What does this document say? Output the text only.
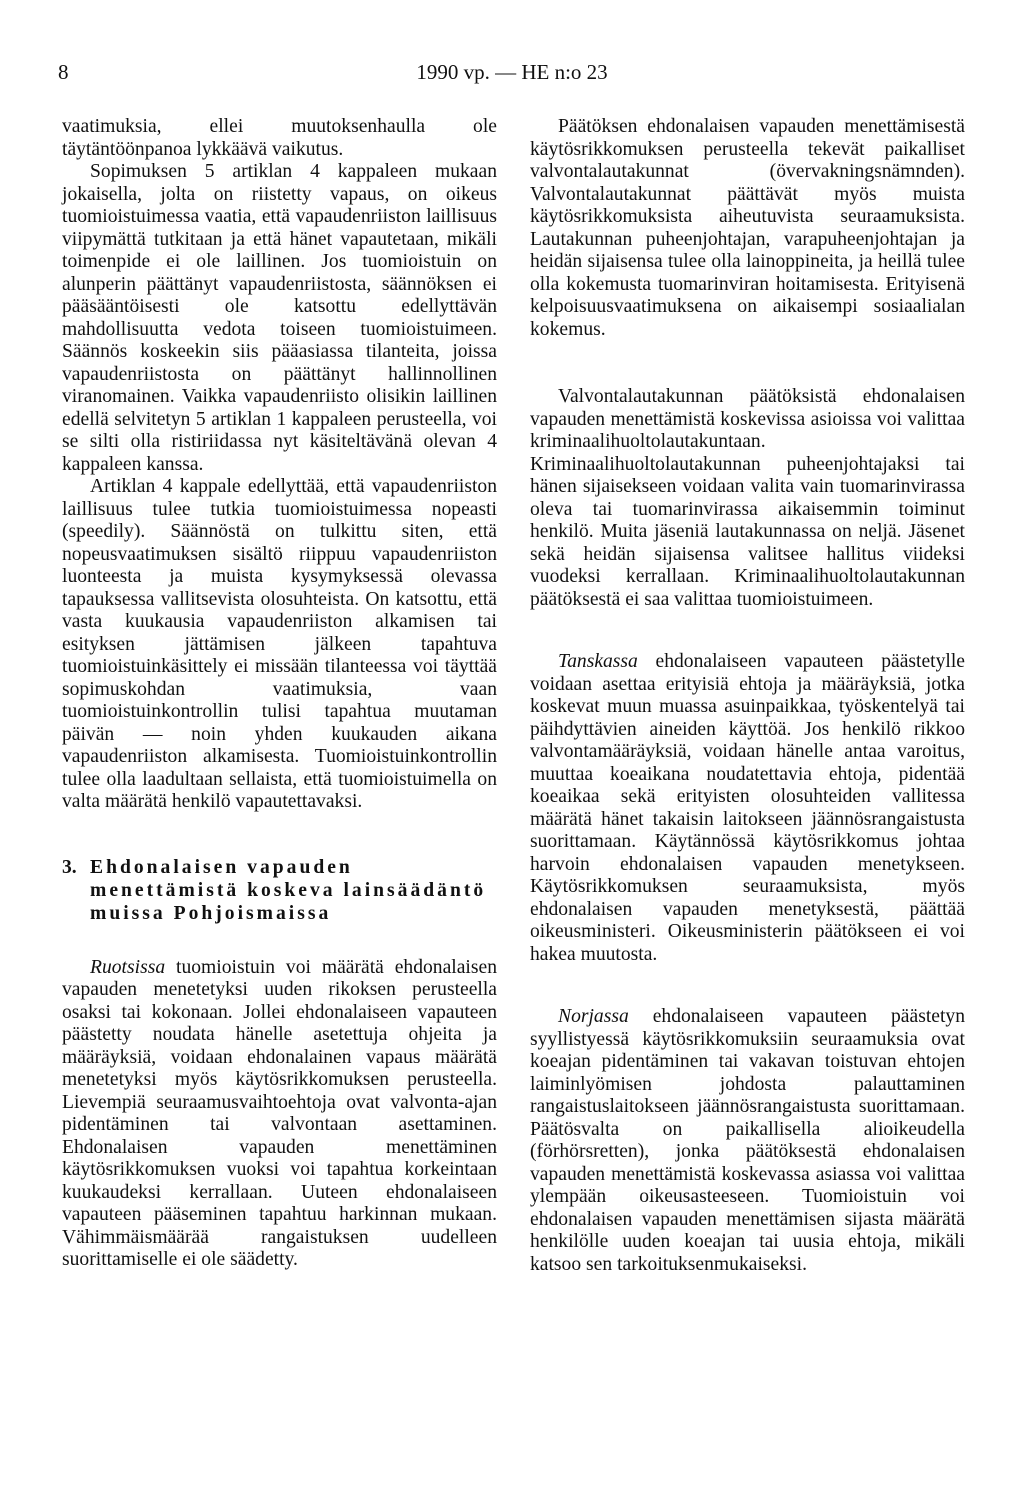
8	1990 vp. — HE n:o 23

vaatimuksia, ellei muutoksenhaulla ole täytäntöönpanoa lykkäävä vaikutus.

Sopimuksen 5 artiklan 4 kappaleen mukaan jokaisella, jolta on riistetty vapaus, on oikeus tuomioistuimessa vaatia, että vapaudenriiston laillisuus viipymättä tutkitaan ja että hänet vapautetaan, mikäli toimenpide ei ole laillinen. Jos tuomioistuin on alunperin päättänyt vapaudenriistosta, säännöksen ei pääsääntöisesti ole katsottu edellyttävän mahdollisuutta vedota toiseen tuomioistuimeen. Säännös koskeekin siis pääasiassa tilanteita, joissa vapaudenriistosta on päättänyt hallinnollinen viranomainen. Vaikka vapaudenriisto olisikin laillinen edellä selvitetyn 5 artiklan 1 kappaleen perusteella, voi se silti olla ristiriidassa nyt käsiteltävänä olevan 4 kappaleen kanssa.

Artiklan 4 kappale edellyttää, että vapaudenriiston laillisuus tulee tutkia tuomioistuimessa nopeasti (speedily). Säännöstä on tulkittu siten, että nopeusvaatimuksen sisältö riippuu vapaudenriiston luonteesta ja muista kysymyksessä olevassa tapauksessa vallitsevista olosuhteista. On katsottu, että vasta kuukausia vapaudenriiston alkamisen tai esityksen jättämisen jälkeen tapahtuva tuomioistuinkäsittely ei missään tilanteessa voi täyttää sopimuskohdan vaatimuksia, vaan tuomioistuinkontrollin tulisi tapahtua muutaman päivän — noin yhden kuukauden aikana vapaudenriiston alkamisesta. Tuomioistuinkontrollin tulee olla laadultaan sellaista, että tuomioistuimella on valta määrätä henkilö vapautettavaksi.

3. Ehdonalaisen vapauden menettämistä koskeva lainsäädäntö muissa Pohjoismaissa

Ruotsissa tuomioistuin voi määrätä ehdonalaisen vapauden menetetyksi uuden rikoksen perusteella osaksi tai kokonaan. Jollei ehdonalaiseen vapauteen päästetty noudata hänelle asetettuja ohjeita ja määräyksiä, voidaan ehdonalainen vapaus määrätä menetetyksi myös käytösrikkomuksen perusteella. Lievempiä seuraamusvaihtoehtoja ovat valvonta-ajan pidentäminen tai valvontaan asettaminen. Ehdonalaisen vapauden menettäminen käytösrikkomuksen vuoksi voi tapahtua korkeintaan kuukaudeksi kerrallaan. Uuteen ehdonalaiseen vapauteen pääseminen tapahtuu harkinnan mukaan. Vähimmäismäärää rangaistuksen uudelleen suorittamiselle ei ole säädetty.

Päätöksen ehdonalaisen vapauden menettämisestä käytösrikkomuksen perusteella tekevät paikalliset valvontalautakunnat (övervakningsnämnden). Valvontalautakunnat päättävät myös muista käytösrikkomuksista aiheutuvista seuraamuksista. Lautakunnan puheenjohtajan, varapuheenjohtajan ja heidän sijaisensa tulee olla lainoppineita, ja heillä tulee olla kokemusta tuomarinviran hoitamisesta. Erityisenä kelpoisuusvaatimuksena on aikaisempi sosiaalialan kokemus.

Valvontalautakunnan päätöksistä ehdonalaisen vapauden menettämistä koskevissa asioissa voi valittaa kriminaalihuoltolautakuntaan. Kriminaalihuoltolautakunnan puheenjohtajaksi tai hänen sijaisekseen voidaan valita vain tuomarinvirassa oleva tai tuomarinvirassa aikaisemmin toiminut henkilö. Muita jäseniä lautakunnassa on neljä. Jäsenet sekä heidän sijaisensa valitsee hallitus viideksi vuodeksi kerrallaan. Kriminaalihuoltolautakunnan päätöksestä ei saa valittaa tuomioistuimeen.

Tanskassa ehdonalaiseen vapauteen päästetylle voidaan asettaa erityisiä ehtoja ja määräyksiä, jotka koskevat muun muassa asuinpaikkaa, työskentelyä tai päihdyttävien aineiden käyttöä. Jos henkilö rikkoo valvontamääräyksiä, voidaan hänelle antaa varoitus, muuttaa koeaikana noudatettavia ehtoja, pidentää koeaikaa sekä erityisten olosuhteiden vallitessa määrätä hänet takaisin laitokseen jäännösrangaistusta suorittamaan. Käytännössä käytösrikkomus johtaa harvoin ehdonalaisen vapauden menetykseen. Käytösrikkomuksen seuraamuksista, myös ehdonalaisen vapauden menetyksestä, päättää oikeusministeri. Oikeusministerin päätökseen ei voi hakea muutosta.

Norjassa ehdonalaiseen vapauteen päästetyn syyllistyessä käytösrikkomuksiin seuraamuksia ovat koeajan pidentäminen tai vakavan toistuvan ehtojen laiminlyömisen johdosta palauttaminen rangaistuslaitokseen jäännösrangaistusta suorittamaan. Päätösvalta on paikallisella alioikeudella (förhörsretten), jonka päätöksestä ehdonalaisen vapauden menettämistä koskevassa asiassa voi valittaa ylempään oikeusasteeseen. Tuomioistuin voi ehdonalaisen vapauden menettämisen sijasta määrätä henkilölle uuden koeajan tai uusia ehtoja, mikäli katsoo sen tarkoituksenmukaiseksi.
